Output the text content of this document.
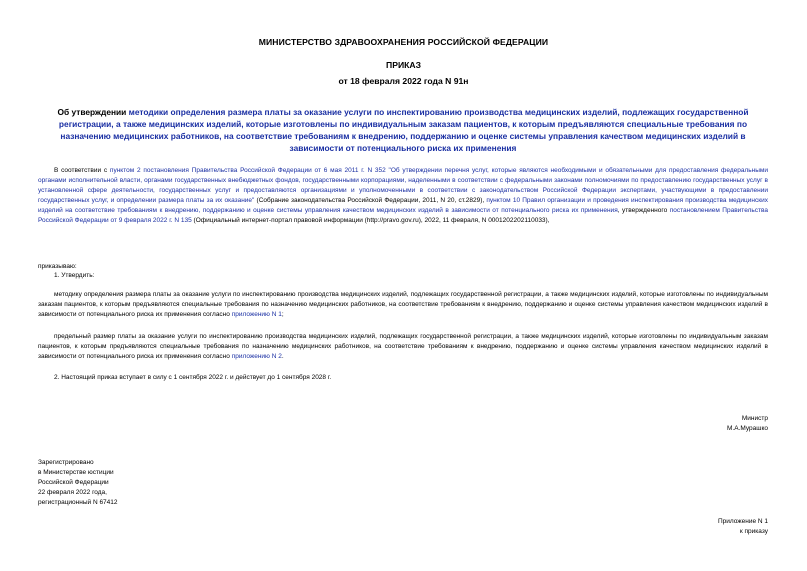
МИНИСТЕРСТВО ЗДРАВООХРАНЕНИЯ РОССИЙСКОЙ ФЕДЕРАЦИИ
ПРИКАЗ
от 18 февраля 2022 года N 91н
Об утверждении методики определения размера платы за оказание услуги по инспектированию производства медицинских изделий, подлежащих государственной регистрации, а также медицинских изделий, которые изготовлены по индивидуальным заказам пациентов, к которым предъявляются специальные требования по назначению медицинских работников, на соответствие требованиям к внедрению, поддержанию и оценке системы управления качеством медицинских изделий в зависимости от потенциального риска их применения
В соответствии с пунктом 2 постановления Правительства Российской Федерации от 6 мая 2011 г. N 352 "Об утверждении перечня услуг, которые являются необходимыми и обязательными для предоставления федеральными органами исполнительной власти, органами государственных внебюджетных фондов, государственными корпорациями, наделенными в соответствии с федеральными законами полномочиями по предоставлению государственных услуг в установленной сфере деятельности, государственных услуг и предоставляются организациями и уполномоченными в соответствии с законодательством Российской Федерации экспертами, участвующими в предоставлении государственных услуг, и определении размера платы за их оказание" (Собрание законодательства Российской Федерации, 2011, N 20, ст.2829), пунктом 10 Правил организации и проведения инспектирования производства медицинских изделий на соответствие требованиям к внедрению, поддержанию и оценке системы управления качеством медицинских изделий в зависимости от потенциального риска их применения, утвержденного постановлением Правительства Российской Федерации от 9 февраля 2022 г. N 135 (Официальный интернет-портал правовой информации (http://pravo.gov.ru), 2022, 11 февраля, N 0001202202110033),
приказываю:
1. Утвердить:
методику определения размера платы за оказание услуги по инспектированию производства медицинских изделий, подлежащих государственной регистрации, а также медицинских изделий, которые изготовлены по индивидуальным заказам пациентов, к которым предъявляются специальные требования по назначению медицинских работников, на соответствие требованиям к внедрению, поддержанию и оценке системы управления качеством медицинских изделий в зависимости от потенциального риска их применения согласно приложению N 1;
предельный размер платы за оказание услуги по инспектированию производства медицинских изделий, подлежащих государственной регистрации, а также медицинских изделий, которые изготовлены по индивидуальным заказам пациентов, к которым предъявляются специальные требования по назначению медицинских работников, на соответствие требованиям к внедрению, поддержанию и оценке системы управления качеством медицинских изделий в зависимости от потенциального риска их применения согласно приложению N 2.
2. Настоящий приказ вступает в силу с 1 сентября 2022 г. и действует до 1 сентября 2028 г.
Министр
М.А.Мурашко
Зарегистрировано
в Министерстве юстиции
Российской Федерации
22 февраля 2022 года,
регистрационный N 67412
Приложение N 1
к приказу
